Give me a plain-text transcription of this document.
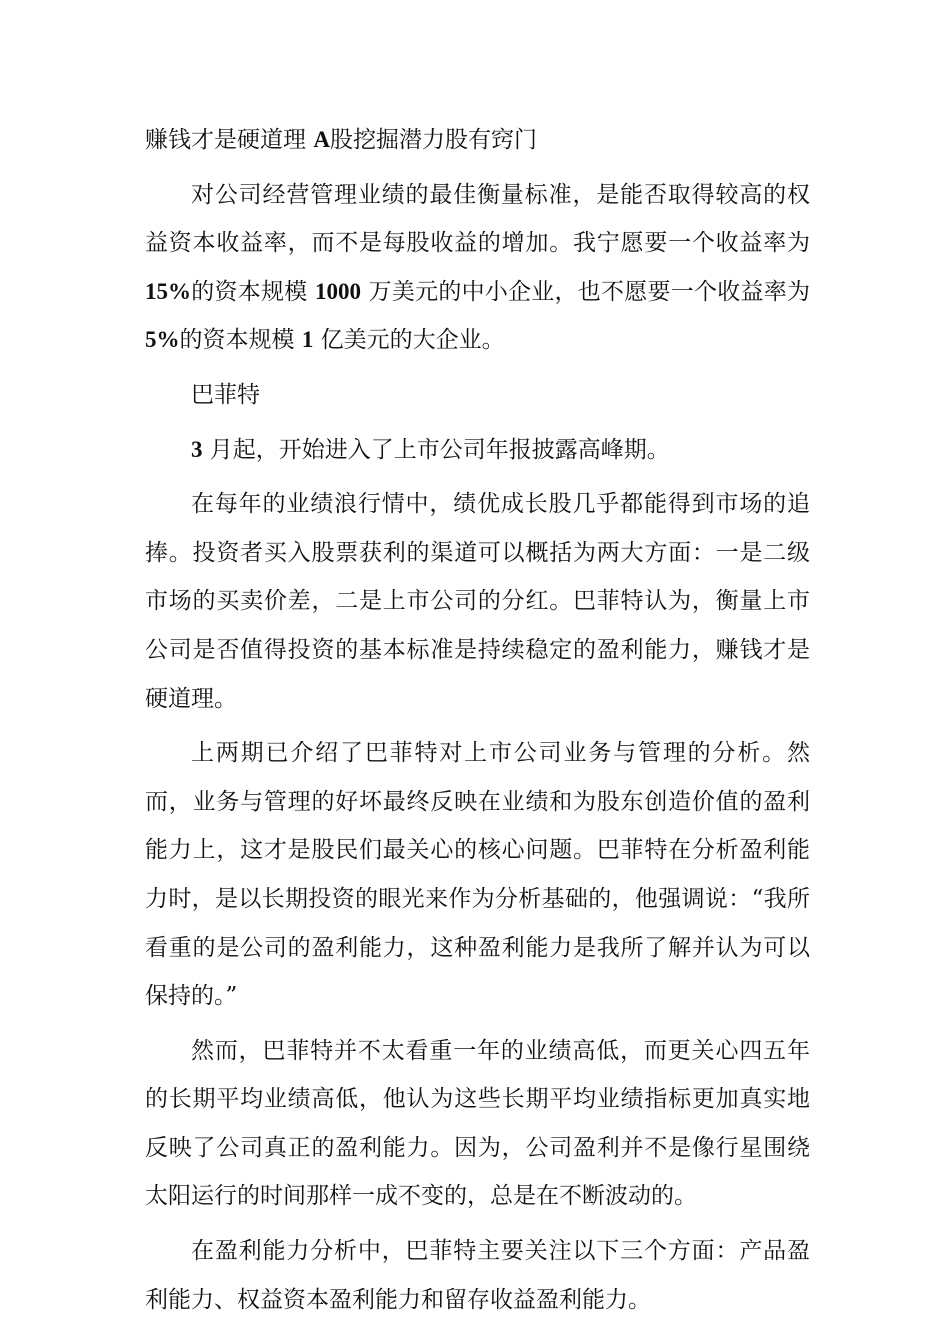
赚钱才是硬道理 A股挖掘潜力股有窍门

对公司经营管理业绩的最佳衡量标准，是能否取得较高的权益资本收益率，而不是每股收益的增加。我宁愿要一个收益率为 15%的资本规模 1000 万美元的中小企业，也不愿要一个收益率为 5%的资本规模 1 亿美元的大企业。

巴菲特

3 月起，开始进入了上市公司年报披露高峰期。

在每年的业绩浪行情中，绩优成长股几乎都能得到市场的追捧。投资者买入股票获利的渠道可以概括为两大方面：一是二级市场的买卖价差，二是上市公司的分红。巴菲特认为，衡量上市公司是否值得投资的基本标准是持续稳定的盈利能力，赚钱才是硬道理。

上两期已介绍了巴菲特对上市公司业务与管理的分析。然而，业务与管理的好坏最终反映在业绩和为股东创造价值的盈利能力上，这才是股民们最关心的核心问题。巴菲特在分析盈利能力时，是以长期投资的眼光来作为分析基础的，他强调说：“我所看重的是公司的盈利能力，这种盈利能力是我所了解并认为可以保持的。”

然而，巴菲特并不太看重一年的业绩高低，而更关心四五年的长期平均业绩高低，他认为这些长期平均业绩指标更加真实地反映了公司真正的盈利能力。因为，公司盈利并不是像行星围绕太阳运行的时间那样一成不变的，总是在不断波动的。

在盈利能力分析中，巴菲特主要关注以下三个方面：产品盈利能力、权益资本盈利能力和留存收益盈利能力。
